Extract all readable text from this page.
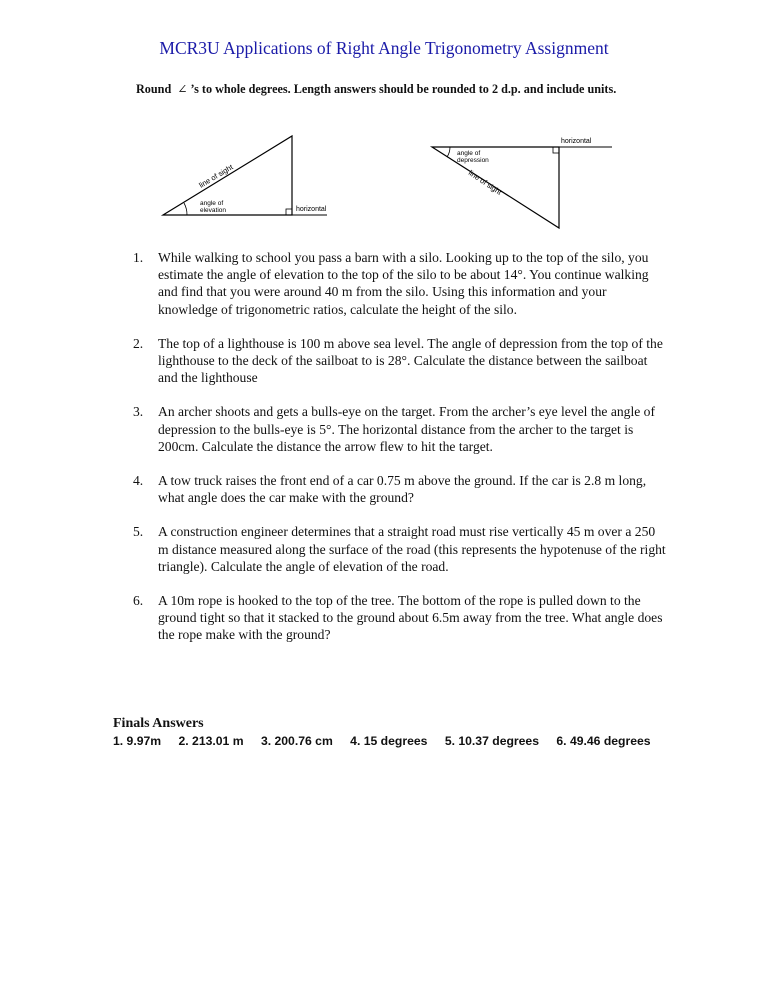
MCR3U Applications of Right Angle Trigonometry Assignment
Round ∠ ’s to whole degrees. Length answers should be rounded to 2 d.p. and include units.
line of sight
angle of
elevation	horizontal
horizontal
angle of
depression
line of sight
1.	While walking to school you pass a barn with a silo. Looking up to the top of the silo, you estimate the angle of elevation to the top of the silo to be about 14°. You continue walking and find that you were around 40 m from the silo. Using this information and your knowledge of trigonometric ratios, calculate the height of the silo.
2.	The top of a lighthouse is 100 m above sea level. The angle of depression from the top of the lighthouse to the deck of the sailboat to is 28°. Calculate the distance between the sailboat and the lighthouse
3.	An archer shoots and gets a bulls-eye on the target. From the archer’s eye level the angle of depression to the bulls-eye is 5°. The horizontal distance from the archer to the target is 200cm. Calculate the distance the arrow flew to hit the target.
4.	A tow truck raises the front end of a car 0.75 m above the ground. If the car is 2.8 m long, what angle does the car make with the ground?
5.	A construction engineer determines that a straight road must rise vertically 45 m over a 250 m distance measured along the surface of the road (this represents the hypotenuse of the right triangle). Calculate the angle of elevation of the road.
6.	A 10m rope is hooked to the top of the tree. The bottom of the rope is pulled down to the ground tight so that it stacked to the ground about 6.5m away from the tree. What angle does the rope make with the ground?
Finals Answers
1. 9.97m 2. 213.01 m 3. 200.76 cm 4. 15 degrees 5. 10.37 degrees 6. 49.46 degrees
